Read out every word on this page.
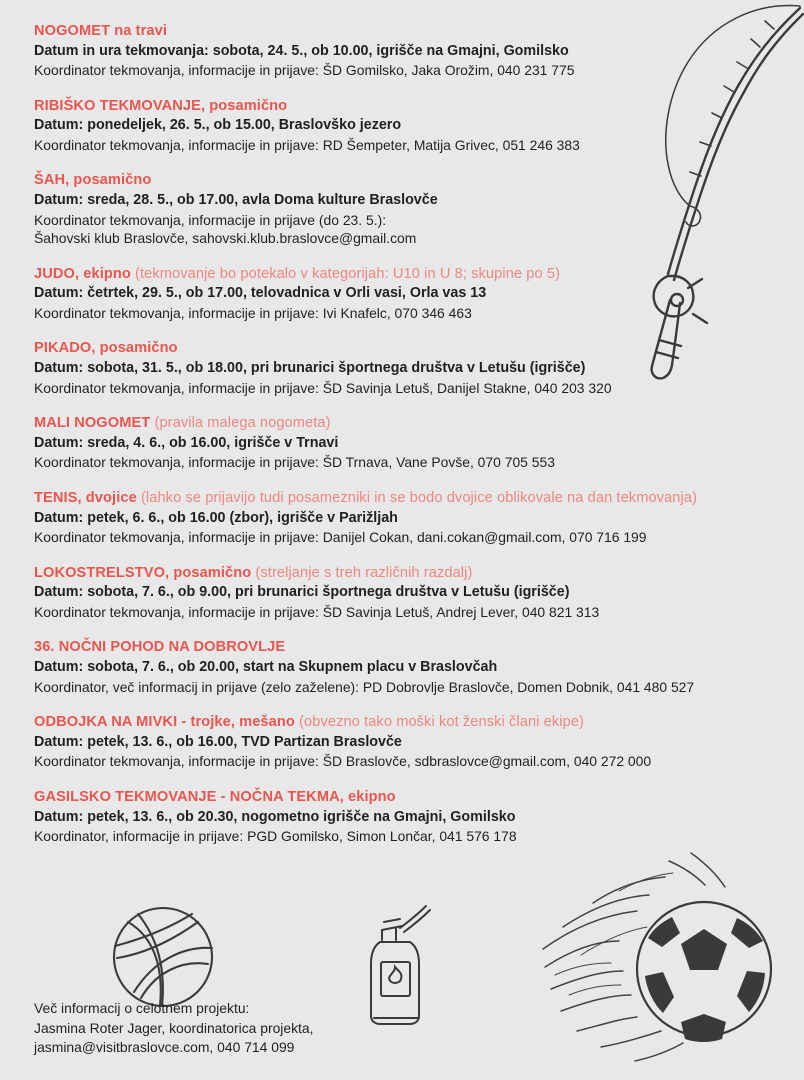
NOGOMET na travi
Datum in ura tekmovanja: sobota, 24. 5., ob 10.00, igrišče na Gmajni, Gomilsko
Koordinator tekmovanja, informacije in prijave: ŠD Gomilsko, Jaka Orožim, 040 231 775
RIBIŠKO TEKMOVANJE, posamično
Datum: ponedeljek, 26. 5., ob 15.00, Braslovško jezero
Koordinator tekmovanja, informacije in prijave: RD Šempeter, Matija Grivec, 051 246 383
ŠAH, posamično
Datum: sreda, 28. 5., ob 17.00, avla Doma kulture Braslovče
Koordinator tekmovanja, informacije in prijave (do 23. 5.):
Šahovski klub Braslovče, sahovski.klub.braslovce@gmail.com
JUDO, ekipno (tekmovanje bo potekalo v kategorijah: U10 in U 8; skupine po 5)
Datum: četrtek, 29. 5., ob 17.00, telovadnica v Orli vasi, Orla vas 13
Koordinator tekmovanja, informacije in prijave: Ivi Knafelc, 070 346 463
PIKADO, posamično
Datum: sobota, 31. 5., ob 18.00, pri brunarici športnega društva v Letušu (igrišče)
Koordinator tekmovanja, informacije in prijave: ŠD Savinja Letuš, Danijel Stakne, 040 203 320
MALI NOGOMET (pravila malega nogometa)
Datum: sreda, 4. 6., ob 16.00, igrišče v Trnavi
Koordinator tekmovanja, informacije in prijave: ŠD Trnava, Vane Povše, 070 705 553
TENIS, dvojice (lahko se prijavijo tudi posamezniki in se bodo dvojice oblikovale na dan tekmovanja)
Datum: petek, 6. 6., ob 16.00 (zbor), igrišče v Parižljah
Koordinator tekmovanja, informacije in prijave: Danijel Cokan, dani.cokan@gmail.com, 070 716 199
LOKOSTRELSTVO, posamično (streljanje s treh različnih razdalj)
Datum: sobota, 7. 6., ob 9.00, pri brunarici športnega društva v Letušu (igrišče)
Koordinator tekmovanja, informacije in prijave: ŠD Savinja Letuš, Andrej Lever, 040 821 313
36. NOČNI POHOD NA DOBROVLJE
Datum: sobota, 7. 6., ob 20.00, start na Skupnem placu v Braslovčah
Koordinator, več informacij in prijave (zelo zaželene): PD Dobrovlje Braslovče, Domen Dobnik, 041 480 527
ODBOJKA NA MIVKI - trojke, mešano (obvezno tako moški kot ženski člani ekipe)
Datum: petek, 13. 6., ob 16.00, TVD Partizan Braslovče
Koordinator tekmovanja, informacije in prijave: ŠD Braslovče, sdbraslovce@gmail.com, 040 272 000
GASILSKO TEKMOVANJE - NOČNA TEKMA, ekipno
Datum: petek, 13. 6., ob 20.30, nogometno igrišče na Gmajni, Gomilsko
Koordinator, informacije in prijave: PGD Gomilsko, Simon Lončar, 041 576 178
Več informacij o celotnem projektu:
Jasmina Roter Jager, koordinatorica projekta,
jasmina@visitbraslovce.com, 040 714 099
